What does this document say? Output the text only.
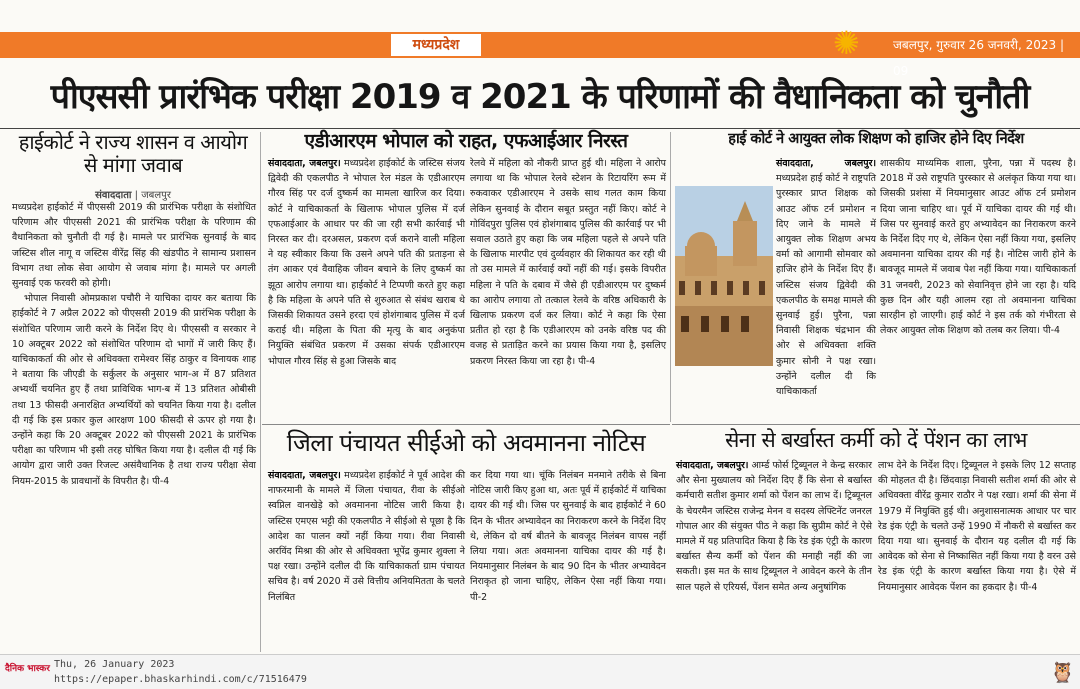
मध्यप्रदेश	✺	जबलपुर, गुरुवार 26 जनवरी, 2023 | 09
पीएससी प्रारंभिक परीक्षा 2019 व 2021 के परिणामों की वैधानिकता को चुनौती
हाईकोर्ट ने राज्य शासन व आयोग से मांगा जवाब
संवाददाता | जबलपुर

मध्यप्रदेश हाईकोर्ट में पीएससी 2019 की प्रारंभिक परीक्षा के संशोधित परिणाम और पीएससी 2021 की प्रारंभिक परीक्षा के परिणाम की वैधानिकता को चुनौती दी गई है। मामले पर प्रारंभिक सुनवाई के बाद जस्टिस शील नागू व जस्टिस वीरेंद्र सिंह की खंडपीठ ने सामान्य प्रशासन विभाग तथा लोक सेवा आयोग से जवाब मांगा है। मामले पर अगली सुनवाई एक फरवरी को होगी।

भोपाल निवासी ओमप्रकाश पचौरी ने याचिका दायर कर बताया कि हाईकोर्ट ने 7 अप्रैल 2022 को पीएससी 2019 की प्रारंभिक परीक्षा के संशोधित परिणाम जारी करने के निर्देश दिए थे। पीएससी व सरकार ने 10 अक्टूबर 2022 को संशोधित परिणाम दो भागों में जारी किए हैं। याचिकाकर्ता की ओर से अधिवक्ता रामेश्वर सिंह ठाकुर व विनायक शाह ने बताया कि जीएडी के सर्कुलर के अनुसार भाग-अ में 87 प्रतिशत अभ्यर्थी चयनित हुए हैं तथा प्राविधिक भाग-ब में 13 प्रतिशत ओबीसी तथा 13 फीसदी अनारक्षित अभ्यर्थियों को चयनित किया गया है। दलील दी गई कि इस प्रकार कुल आरक्षण 100 फीसदी से ऊपर हो गया है। उन्होंने कहा कि 20 अक्टूबर 2022 को पीएससी 2021 के प्रारंभिक परीक्षा का परिणाम भी इसी तरह घोषित किया गया है। दलील दी गई कि आयोग द्वारा जारी उक्त रिजल्ट असंवैधानिक है तथा राज्य परीक्षा सेवा नियम-2015 के प्रावधानों के विपरीत है। पी-4

एडीआरएम भोपाल को राहत, एफआईआर निरस्त
संवाददाता, जबलपुर। मध्यप्रदेश हाईकोर्ट के जस्टिस संजय द्विवेदी की एकलपीठ ने भोपाल रेल मंडल के एडीआरएम गौरव सिंह पर दर्ज दुष्कर्म का मामला खारिज कर दिया। कोर्ट ने याचिकाकर्ता के खिलाफ भोपाल पुलिस में दर्ज एफआईआर के आधार पर की जा रही सभी कार्रवाई भी निरस्त कर दी। दरअसल, प्रकरण दर्ज कराने वाली महिला ने यह स्वीकार किया कि उसने अपने पति की प्रताड़ना से तंग आकर एवं वैवाहिक जीवन बचाने के लिए दुष्कर्म का झूठा आरोप लगाया था। हाईकोर्ट ने टिप्पणी करते हुए कहा है कि महिला के अपने पति से शुरुआत से संबंध खराब थे जिसकी शिकायत उसने हरदा एवं होशंगाबाद पुलिस में दर्ज कराई थी। महिला के पिता की मृत्यु के बाद अनुकंपा नियुक्ति संबंधित प्रकरण में उसका संपर्क एडीआरएम भोपाल गौरव सिंह से हुआ जिसके बाद
रेलवे में महिला को नौकरी प्राप्त हुई थी। महिला ने आरोप लगाया था कि भोपाल रेलवे स्टेशन के रिटायरिंग रूम में रुकवाकर एडीआरएम ने उसके साथ गलत काम किया लेकिन सुनवाई के दौरान सबूत प्रस्तुत नहीं किए। कोर्ट ने गोविंदपुरा पुलिस एवं होशंगाबाद पुलिस की कार्रवाई पर भी सवाल उठाते हुए कहा कि जब महिला पहले से अपने पति के खिलाफ मारपीट एवं दुर्व्यवहार की शिकायत कर रही थी तो उस मामले में कार्रवाई क्यों नहीं की गई। इसके विपरीत महिला ने पति के दबाव में जैसे ही एडीआरएम पर दुष्कर्म का आरोप लगाया तो तत्काल रेलवे के वरिष्ठ अधिकारी के खिलाफ प्रकरण दर्ज कर लिया। कोर्ट ने कहा कि ऐसा प्रतीत हो रहा है कि एडीआरएम को उनके वरिष्ठ पद की वजह से प्रताड़ित करने का प्रयास किया गया है, इसलिए प्रकरण निरस्त किया जा रहा है। पी-4
हाई कोर्ट ने आयुक्त लोक शिक्षण को हाजिर होने दिए निर्देश
संवाददाता, जबलपुर। मध्यप्रदेश हाई कोर्ट ने राष्ट्रपति पुरस्कार प्राप्त शिक्षक को आउट ऑफ टर्न प्रमोशन न दिए जाने के मामले में आयुक्त लोक शिक्षण अभय वर्मा को आगामी सोमवार को हाजिर होने के निर्देश दिए हैं। जस्टिस संजय द्विवेदी की एकलपीठ के समक्ष मामले की सुनवाई हुई। पुरैना, पन्ना निवासी शिक्षक चंद्रभान की ओर से अधिवक्ता शक्ति कुमार सोनी ने पक्ष रखा। उन्होंने दलील दी कि याचिकाकर्ता
शासकीय माध्यमिक शाला, पुरैना, पन्ना में पदस्थ है। 2018 में उसे राष्ट्रपति पुरस्कार से अलंकृत किया गया था। जिसकी प्रशंसा में नियमानुसार आउट ऑफ टर्न प्रमोशन दिया जाना चाहिए था। पूर्व में याचिका दायर की गई थी। जिस पर सुनवाई करते हुए अभ्यावेदन का निराकरण करने के निर्देश दिए गए थे, लेकिन ऐसा नहीं किया गया, इसलिए अवमानना याचिका दायर की गई है। नोटिस जारी होने के बावजूद मामले में जवाब पेश नहीं किया गया। याचिकाकर्ता 31 जनवरी, 2023 को सेवानिवृत्त होने जा रहा है। यदि कुछ दिन और यही आलम रहा तो अवमानना याचिका सारहीन हो जाएगी। हाई कोर्ट ने इस तर्क को गंभीरता से लेकर आयुक्त लोक शिक्षण को तलब कर लिया। पी-4
जिला पंचायत सीईओ को अवमानना नोटिस
संवाददाता, जबलपुर। मध्यप्रदेश हाईकोर्ट ने पूर्व आदेश की नाफरमानी के मामले में जिला पंचायत, रीवा के सीईओ स्वप्निल वानखेड़े को अवमानना नोटिस जारी किया है। जस्टिस एमएस भट्टी की एकलपीठ ने सीईओ से पूछा है कि आदेश का पालन क्यों नहीं किया गया। रीवा निवासी अरविंद मिश्रा की ओर से अधिवक्ता भूपेंद्र कुमार शुक्ला ने पक्ष रखा। उन्होंने दलील दी कि याचिकाकर्ता ग्राम पंचायत सचिव है। वर्ष 2020 में उसे वित्तीय अनियमितता के चलते निलंबित
कर दिया गया था। चूंकि निलंबन मनमाने तरीके से बिना नोटिस जारी किए हुआ था, अतः पूर्व में हाईकोर्ट में याचिका दायर की गई थी। जिस पर सुनवाई के बाद हाईकोर्ट ने 60 दिन के भीतर अभ्यावेदन का निराकरण करने के निर्देश दिए थे, लेकिन दो वर्ष बीतने के बावजूद निलंबन वापस नहीं लिया गया। अतः अवमानना याचिका दायर की गई है। नियमानुसार निलंबन के बाद 90 दिन के भीतर अभ्यावेदन निराकृत हो जाना चाहिए, लेकिन ऐसा नहीं किया गया। पी-2
सेना से बर्खास्त कर्मी को दें पेंशन का लाभ
संवाददाता, जबलपुर। आर्म्ड फोर्स ट्रिब्यूनल ने केन्द्र सरकार और सेना मुख्यालय को निर्देश दिए हैं कि सेना से बर्खास्त कर्मचारी सतीश कुमार शर्मा को पेंशन का लाभ दें। ट्रिब्यूनल के चेयरमैन जस्टिस राजेन्द्र मेनन व सदस्य लेफ्टिनेंट जनरल गोपाल आर की संयुक्त पीठ ने कहा कि सुप्रीम कोर्ट ने ऐसे मामले में यह प्रतिपादित किया है कि रेड इंक एंट्री के कारण बर्खास्त सैन्य कर्मी को पेंशन की मनाही नहीं की जा सकती। इस मत के साथ ट्रिब्यूनल ने आवेदन करने के तीन साल पहले से एरियर्स, पेंशन समेत अन्य अनुषांगिक
लाभ देने के निर्देश दिए। ट्रिब्यूनल ने इसके लिए 12 सप्ताह की मोहलत दी है। छिंदवाड़ा निवासी सतीश शर्मा की ओर से अधिवक्ता वीरेंद्र कुमार राठौर ने पक्ष रखा। शर्मा की सेना में 1979 में नियुक्ति हुई थी। अनुशासनात्मक आधार पर चार रेड इंक एंट्री के चलते उन्हें 1990 में नौकरी से बर्खास्त कर दिया गया था। सुनवाई के दौरान यह दलील दी गई कि आवेदक को सेना से निष्कासित नहीं किया गया है वरन उसे रेड इंक एंट्री के कारण बर्खास्त किया गया है। ऐसे में नियमानुसार आवेदक पेंशन का हकदार है। पी-4
दैनिक भास्कर Thu, 26 January 2023
https://epaper.bhaskarhindi.com/c/71516479	🦉
